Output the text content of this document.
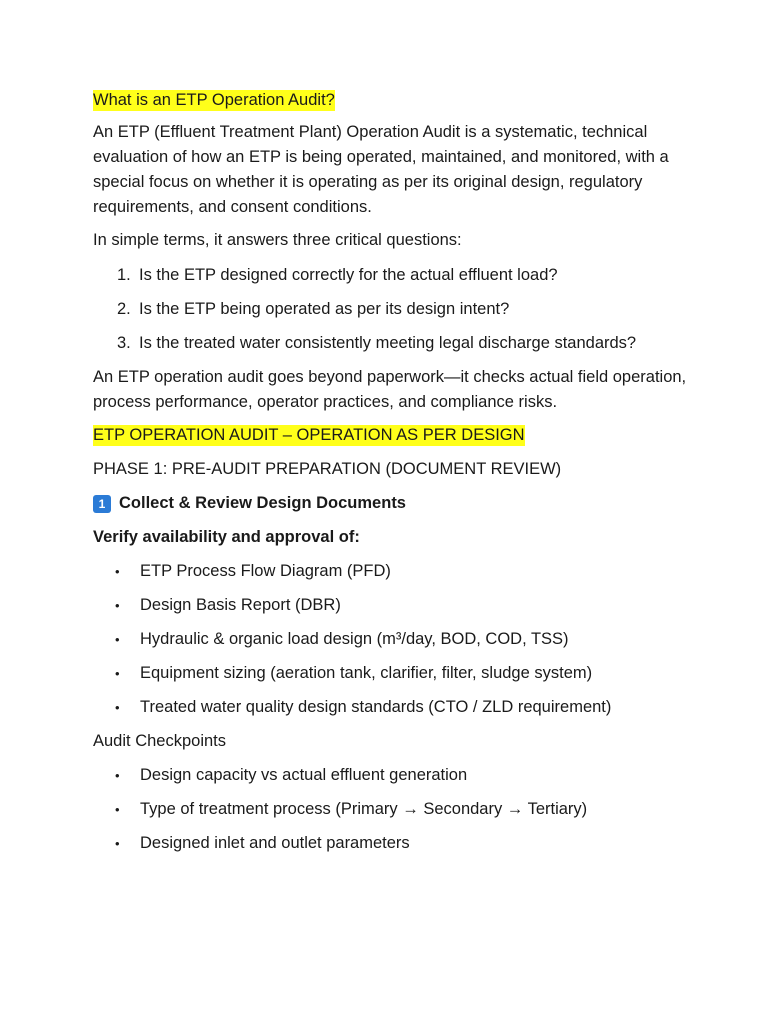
What is an ETP Operation Audit?

An ETP (Effluent Treatment Plant) Operation Audit is a systematic, technical evaluation of how an ETP is being operated, maintained, and monitored, with a special focus on whether it is operating as per its original design, regulatory requirements, and consent conditions.

In simple terms, it answers three critical questions:

1. Is the ETP designed correctly for the actual effluent load?
2. Is the ETP being operated as per its design intent?
3. Is the treated water consistently meeting legal discharge standards?

An ETP operation audit goes beyond paperwork—it checks actual field operation, process performance, operator practices, and compliance risks.

ETP OPERATION AUDIT – OPERATION AS PER DESIGN
PHASE 1: PRE-AUDIT PREPARATION (DOCUMENT REVIEW)
1 Collect & Review Design Documents
Verify availability and approval of:
• ETP Process Flow Diagram (PFD)
• Design Basis Report (DBR)
• Hydraulic & organic load design (m³/day, BOD, COD, TSS)
• Equipment sizing (aeration tank, clarifier, filter, sludge system)
• Treated water quality design standards (CTO / ZLD requirement)
Audit Checkpoints
• Design capacity vs actual effluent generation
• Type of treatment process (Primary → Secondary → Tertiary)
• Designed inlet and outlet parameters
